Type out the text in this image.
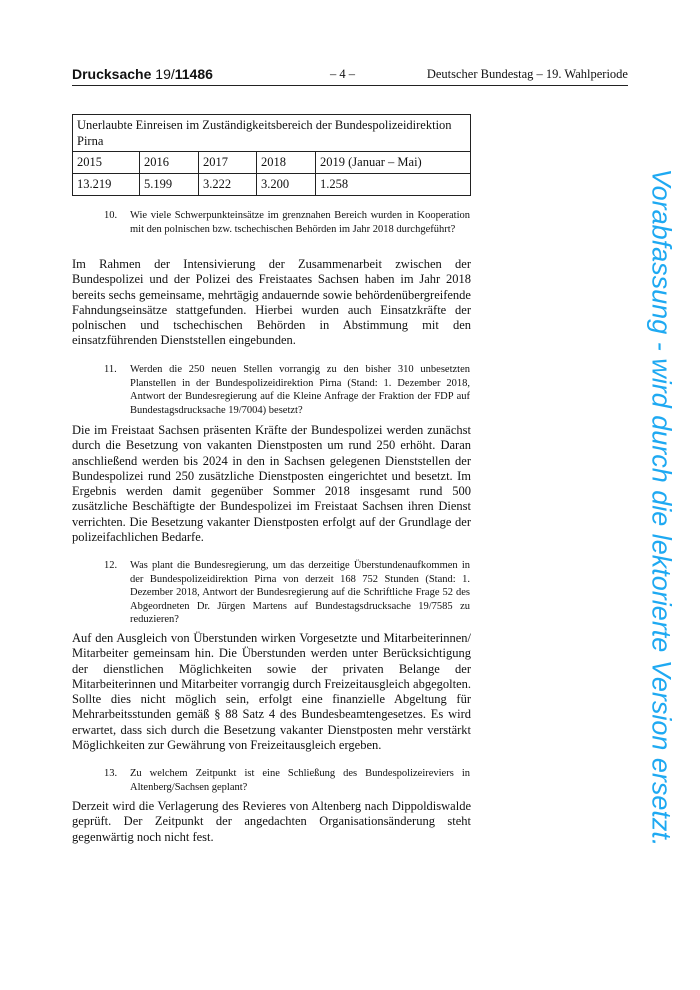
Drucksache 19/11486	– 4 –	Deutscher Bundestag – 19. Wahlperiode
Unerlaubte Einreisen im Zuständigkeitsbereich der Bundespolizeidirektion Pirna				
2015	2016	2017	2018	2019 (Januar – Mai)
13.219	5.199	3.222	3.200	1.258
10. Wie viele Schwerpunkteinsätze im grenznahen Bereich wurden in Kooperation mit den polnischen bzw. tschechischen Behörden im Jahr 2018 durchgeführt?
Im Rahmen der Intensivierung der Zusammenarbeit zwischen der Bundespolizei und der Polizei des Freistaates Sachsen haben im Jahr 2018 bereits sechs gemeinsame, mehrtägig andauernde sowie behördenübergreifende Fahndungseinsätze stattgefunden. Hierbei wurden auch Einsatzkräfte der polnischen und tschechischen Behörden in Abstimmung mit den einsatzführenden Dienststellen eingebunden.
11. Werden die 250 neuen Stellen vorrangig zu den bisher 310 unbesetzten Planstellen in der Bundespolizeidirektion Pirna (Stand: 1. Dezember 2018, Antwort der Bundesregierung auf die Kleine Anfrage der Fraktion der FDP auf Bundestagsdrucksache 19/7004) besetzt?
Die im Freistaat Sachsen präsenten Kräfte der Bundespolizei werden zunächst durch die Besetzung von vakanten Dienstposten um rund 250 erhöht. Daran anschließend werden bis 2024 in den in Sachsen gelegenen Dienststellen der Bundespolizei rund 250 zusätzliche Dienstposten eingerichtet und besetzt. Im Ergebnis werden damit gegenüber Sommer 2018 insgesamt rund 500 zusätzliche Beschäftigte der Bundespolizei im Freistaat Sachsen ihren Dienst verrichten. Die Besetzung vakanter Dienstposten erfolgt auf der Grundlage der polizeifachlichen Bedarfe.
12. Was plant die Bundesregierung, um das derzeitige Überstundenaufkommen in der Bundespolizeidirektion Pirna von derzeit 168 752 Stunden (Stand: 1. Dezember 2018, Antwort der Bundesregierung auf die Schriftliche Frage 52 des Abgeordneten Dr. Jürgen Martens auf Bundestagsdrucksache 19/7585 zu reduzieren?
Auf den Ausgleich von Überstunden wirken Vorgesetzte und Mitarbeiterinnen/ Mitarbeiter gemeinsam hin. Die Überstunden werden unter Berücksichtigung der dienstlichen Möglichkeiten sowie der privaten Belange der Mitarbeiterinnen und Mitarbeiter vorrangig durch Freizeitausgleich abgegolten. Sollte dies nicht möglich sein, erfolgt eine finanzielle Abgeltung für Mehrarbeitsstunden gemäß § 88 Satz 4 des Bundesbeamtengesetzes. Es wird erwartet, dass sich durch die Besetzung vakanter Dienstposten mehr verstärkt Möglichkeiten zur Gewährung von Freizeitausgleich ergeben.
13. Zu welchem Zeitpunkt ist eine Schließung des Bundespolizeireviers in Altenberg/Sachsen geplant?
Derzeit wird die Verlagerung des Revieres von Altenberg nach Dippoldiswalde geprüft. Der Zeitpunkt der angedachten Organisationsänderung steht gegenwärtig noch nicht fest.	Vorabfassung - wird durch die lektorierte Version ersetzt.
